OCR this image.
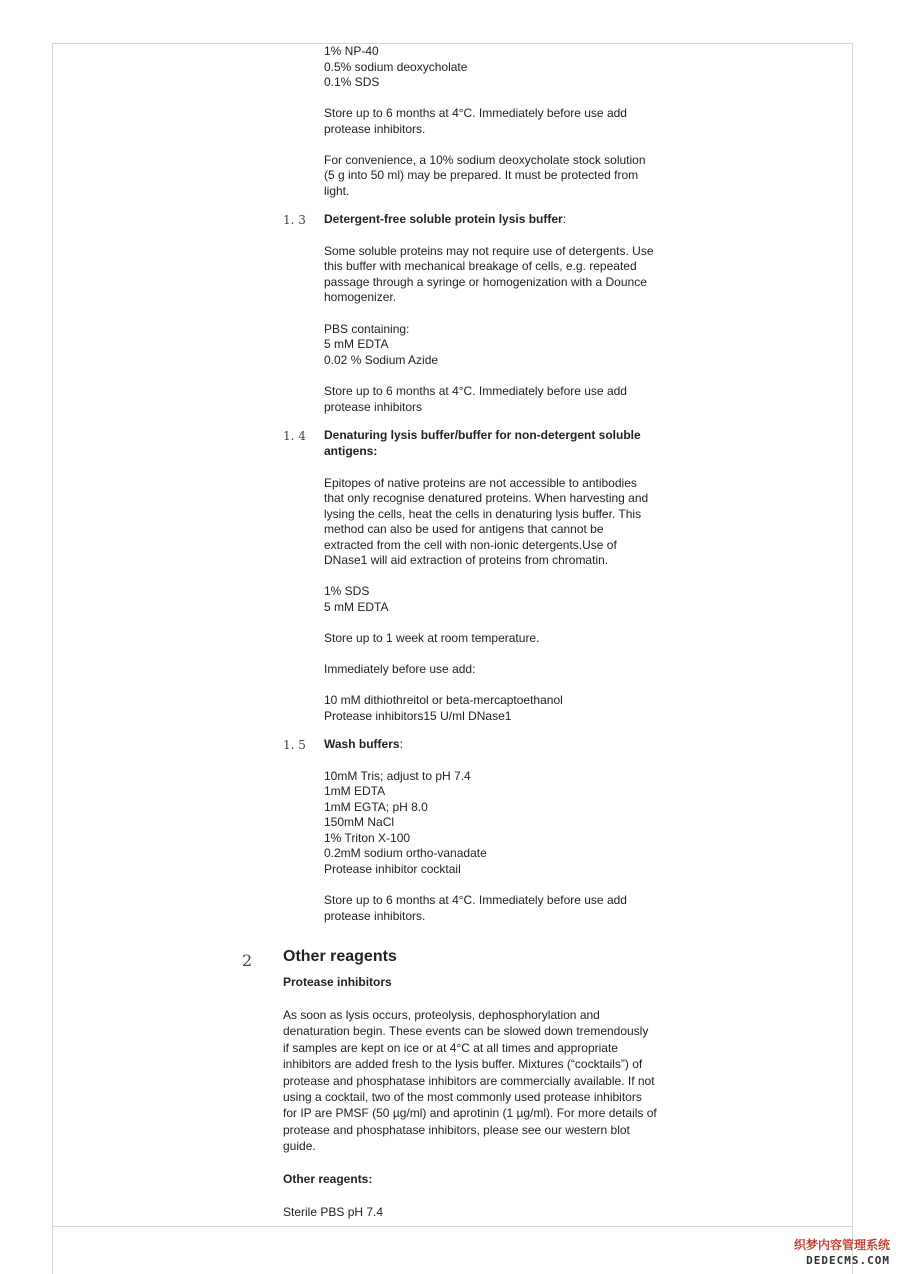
1% NP-40
0.5% sodium deoxycholate
0.1% SDS
Store up to 6 months at 4°C. Immediately before use add
protease inhibitors.
For convenience, a 10% sodium deoxycholate stock solution
(5 g into 50 ml) may be prepared. It must be protected from
light.
1. 3 Detergent-free soluble protein lysis buffer:
Some soluble proteins may not require use of detergents. Use
this buffer with mechanical breakage of cells, e.g. repeated
passage through a syringe or homogenization with a Dounce
homogenizer.
PBS containing:
5 mM EDTA
0.02 % Sodium Azide
Store up to 6 months at 4°C. Immediately before use add
protease inhibitors
1. 4 Denaturing lysis buffer/buffer for non-detergent soluble
antigens:
Epitopes of native proteins are not accessible to antibodies
that only recognise denatured proteins. When harvesting and
lysing the cells, heat the cells in denaturing lysis buffer. This
method can also be used for antigens that cannot be
extracted from the cell with non-ionic detergents.Use of
DNase1 will aid extraction of proteins from chromatin.
1% SDS
5 mM EDTA
Store up to 1 week at room temperature.
Immediately before use add:
10 mM dithiothreitol or beta-mercaptoethanol
Protease inhibitors15 U/ml DNase1
1. 5 Wash buffers:
10mM Tris; adjust to pH 7.4
1mM EDTA
1mM EGTA; pH 8.0
150mM NaCl
1% Triton X-100
0.2mM sodium ortho-vanadate
Protease inhibitor cocktail
Store up to 6 months at 4°C. Immediately before use add
protease inhibitors.
2 Other reagents
Protease inhibitors
As soon as lysis occurs, proteolysis, dephosphorylation and
denaturation begin. These events can be slowed down tremendously
if samples are kept on ice or at 4°C at all times and appropriate
inhibitors are added fresh to the lysis buffer. Mixtures (“cocktails”) of
protease and phosphatase inhibitors are commercially available. If not
using a cocktail, two of the most commonly used protease inhibitors
for IP are PMSF (50 µg/ml) and aprotinin (1 µg/ml). For more details of
protease and phosphatase inhibitors, please see our western blot
guide.
Other reagents:
Sterile PBS pH 7.4
织梦内容管理系统
DEDECMS.COM
